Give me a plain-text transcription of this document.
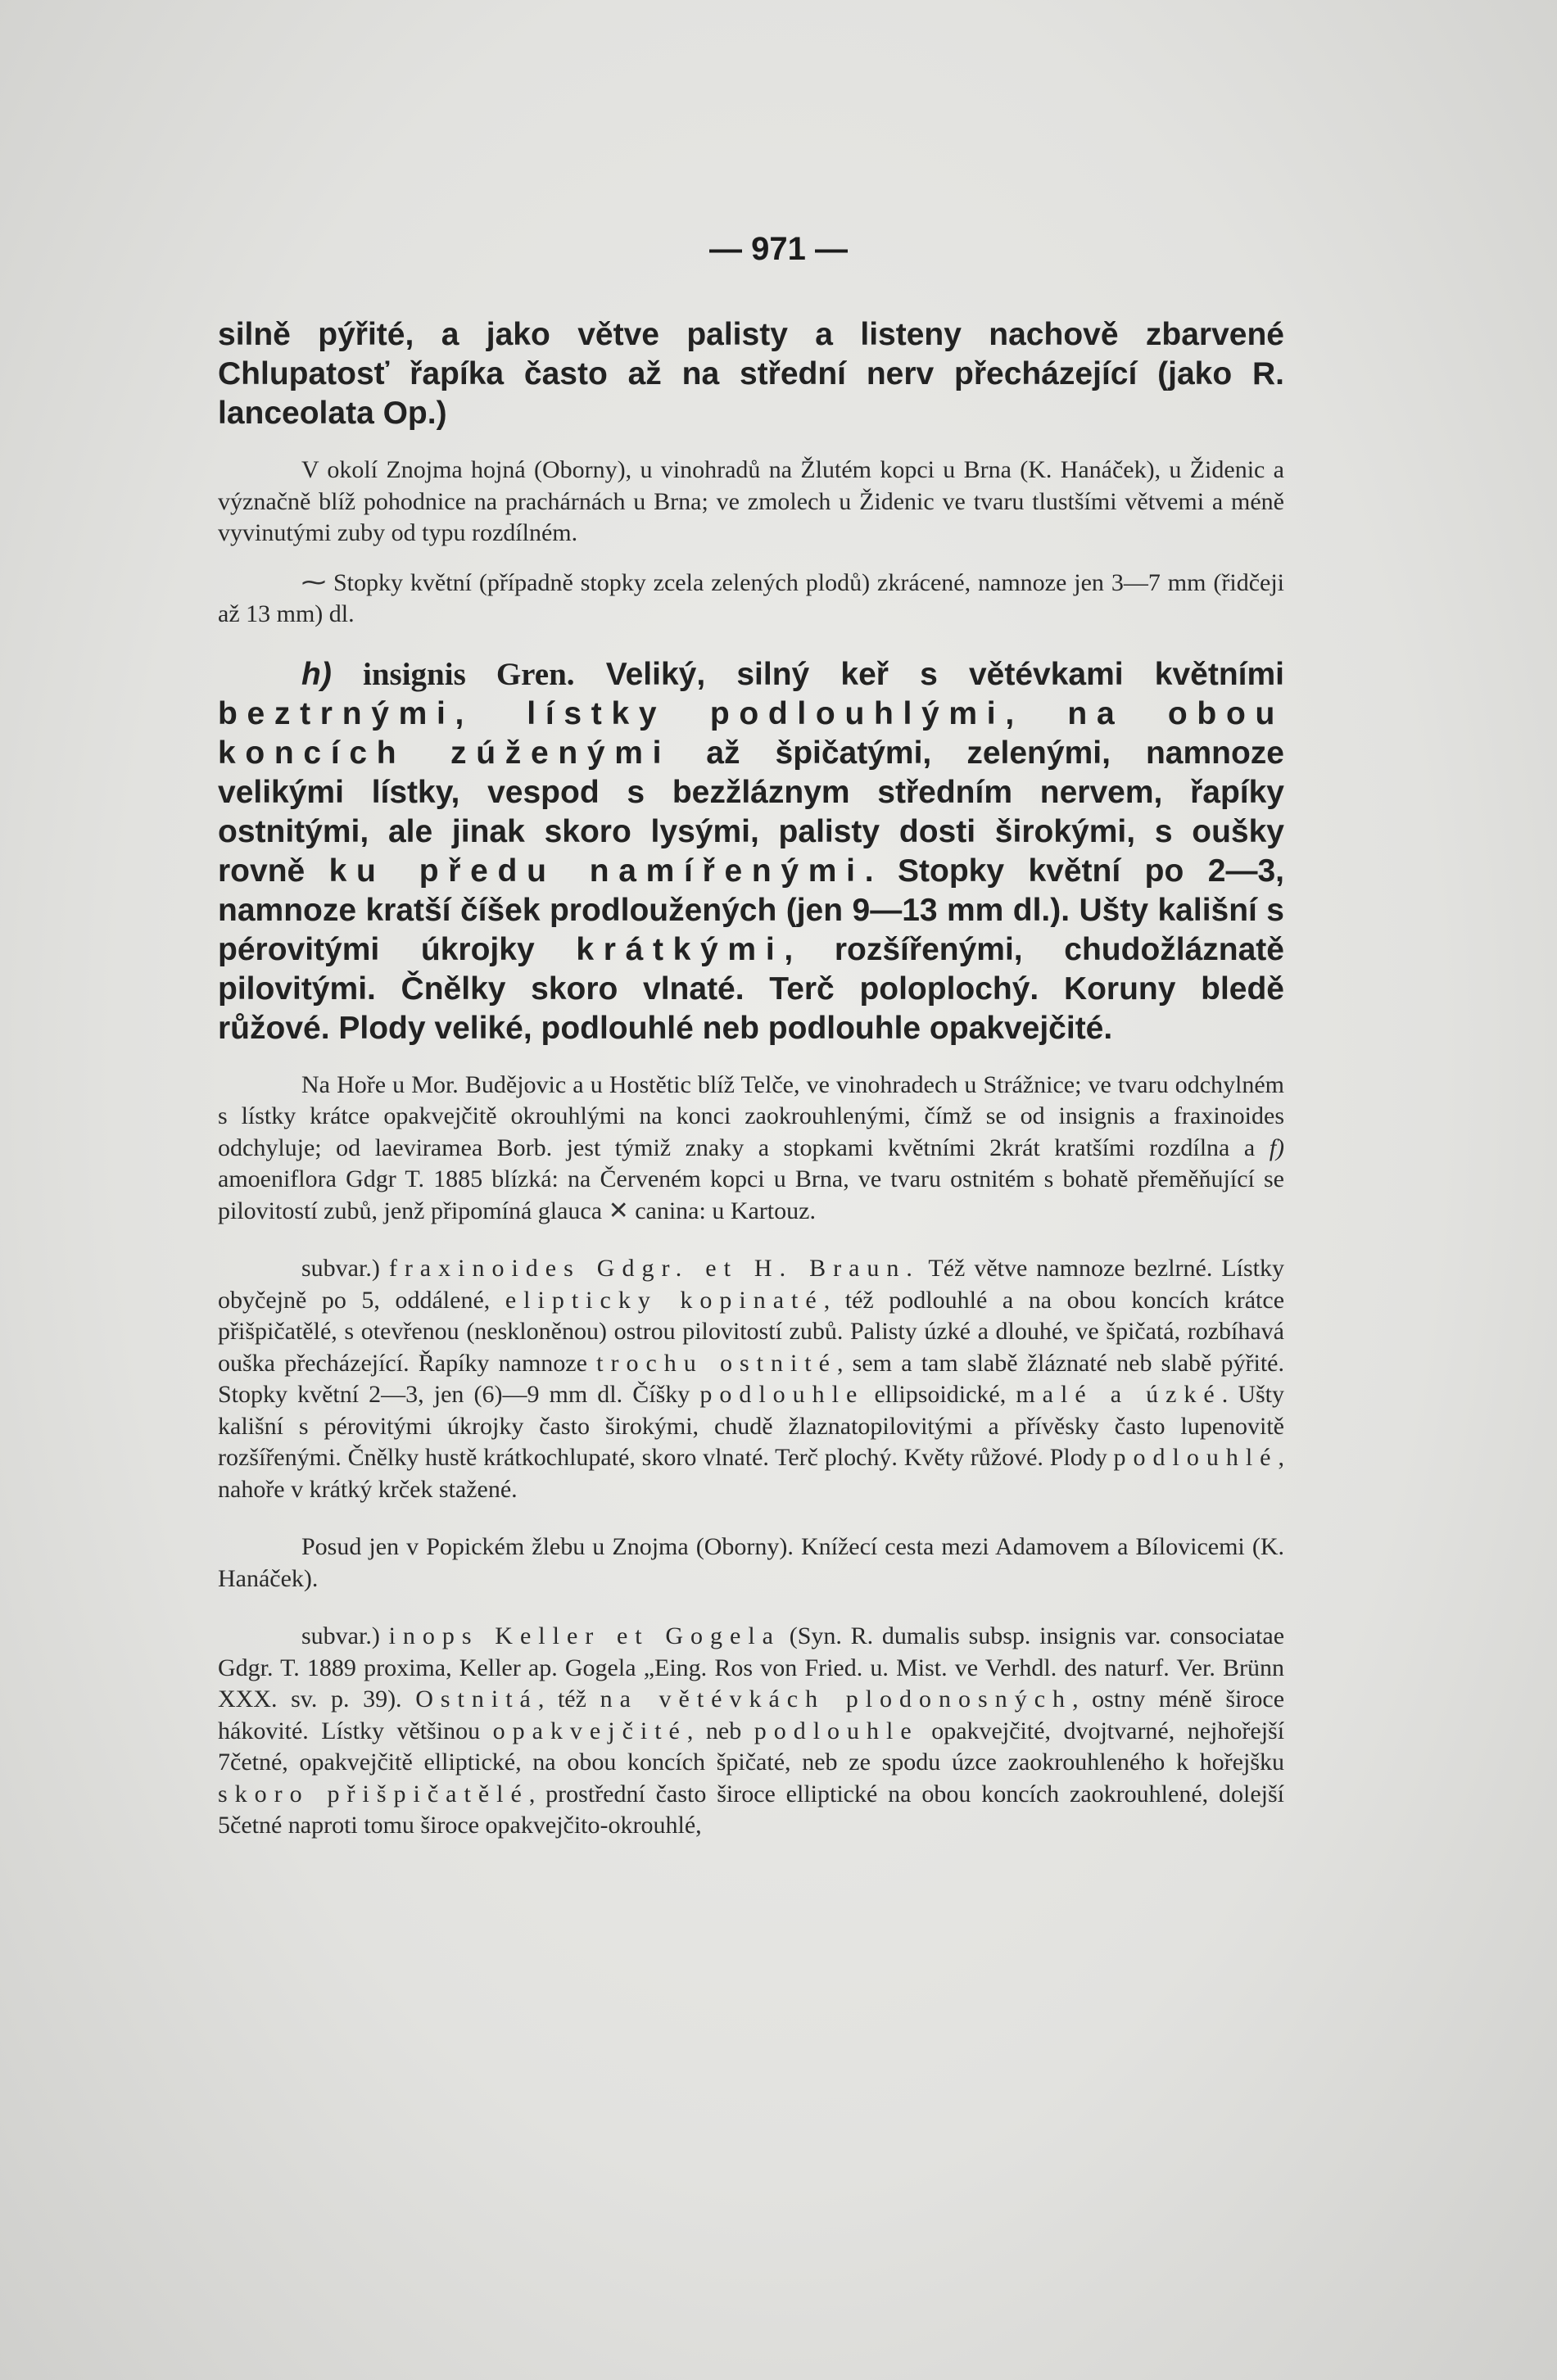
— 971 —

silně pýřité, a jako větve palisty a listeny nachově zbarvené Chlupatosť řapíka často až na střední nerv přecházející (jako R. lanceolata Op.)

V okolí Znojma hojná (Oborny), u vinohradů na Žlutém kopci u Brna (K. Hanáček), u Židenic a význačně blíž pohodnice na prachárnách u Brna; ve zmolech u Židenic ve tvaru tlustšími větvemi a méně vyvinutými zuby od typu rozdílném.

⁓ Stopky květní (případně stopky zcela zelených plodů) zkrácené, namnoze jen 3—7 mm (řidčeji až 13 mm) dl.

h) insignis Gren. Veliký, silný keř s větévkami květními beztrnými, lístky podlouhlými, na obou koncích zúženými až špičatými, zelenými, namnoze velikými lístky, vespod s bezžláznym středním nervem, řapíky ostnitými, ale jinak skoro lysými, palisty dosti širokými, s oušky rovně ku předu namířenými. Stopky květní po 2—3, namnoze kratší číšek prodloužených (jen 9—13 mm dl.). Ušty kališní s pérovitými úkrojky krátkými, rozšířenými, chudožláznatě pilovitými. Čnělky skoro vlnaté. Terč poloplochý. Koruny bledě růžové. Plody veliké, podlouhlé neb podlouhle opakvejčité.

Na Hoře u Mor. Budějovic a u Hostětic blíž Telče, ve vinohradech u Strážnice; ve tvaru odchylném s lístky krátce opakvejčitě okrouhlými na konci zaokrouhlenými, čímž se od insignis a fraxinoides odchyluje; od laeviramea Borb. jest týmiž znaky a stopkami květními 2krát kratšími rozdílna a f) amoeniflora Gdgr T. 1885 blízká: na Červeném kopci u Brna, ve tvaru ostnitém s bohatě přeměňující se pilovitostí zubů, jenž připomíná glauca ✕ canina: u Kartouz.

subvar.) fraxinoides Gdgr. et H. Braun. Též větve namnoze bezlrné. Lístky obyčejně po 5, oddálené, elipticky kopinaté, též podlouhlé a na obou koncích krátce přišpičatělé, s otevřenou (neskloněnou) ostrou pilovitostí zubů. Palisty úzké a dlouhé, ve špičatá, rozbíhavá ouška přecházející. Řapíky namnoze trochu ostnité, sem a tam slabě žláznaté neb slabě pýřité. Stopky květní 2—3, jen (6)—9 mm dl. Číšky podlouhle ellipsoidické, malé a úzké. Ušty kališní s pérovitými úkrojky často širokými, chudě žlaznatopilovitými a přívěsky často lupenovitě rozšířenými. Čnělky hustě krátkochlupaté, skoro vlnaté. Terč plochý. Květy růžové. Plody podlouhlé, nahoře v krátký krček stažené.

Posud jen v Popickém žlebu u Znojma (Oborny). Knížecí cesta mezi Adamovem a Bílovicemi (K. Hanáček).

subvar.) inops Keller et Gogela (Syn. R. dumalis subsp. insignis var. consociatae Gdgr. T. 1889 proxima, Keller ap. Gogela „Eing. Ros von Fried. u. Mist. ve Verhdl. des naturf. Ver. Brünn XXX. sv. p. 39). Ostnitá, též na větévkách plodonosných, ostny méně široce hákovité. Lístky většinou opakvejčité, neb podlouhle opakvejčité, dvojtvarné, nejhořejší 7četné, opakvejčitě elliptické, na obou koncích špičaté, neb ze spodu úzce zaokrouhleného k hořejšku skoro přišpičatělé, prostřední často široce elliptické na obou koncích zaokrouhlené, dolejší 5četné naproti tomu široce opakvejčito-okrouhlé,
